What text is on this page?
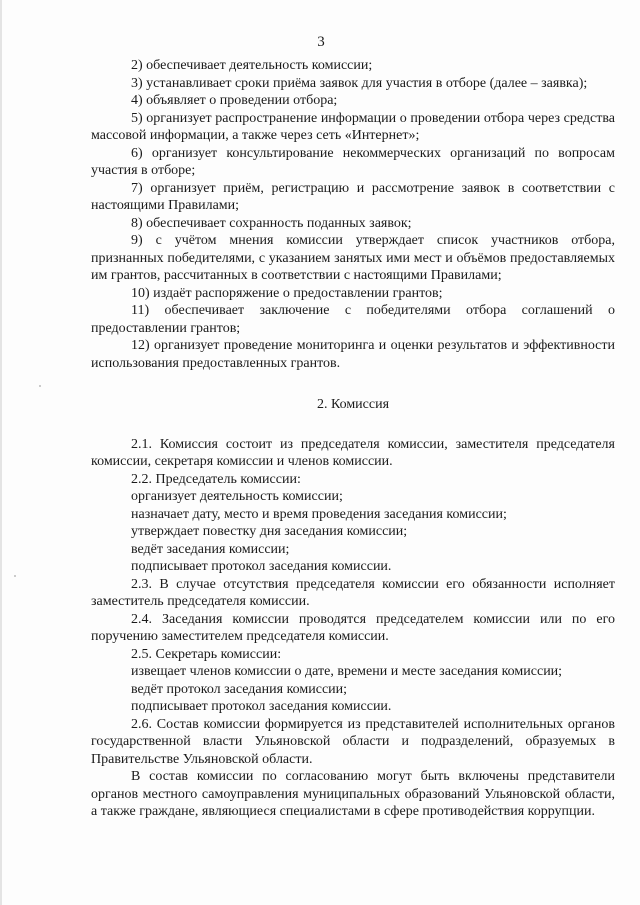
3

2) обеспечивает деятельность комиссии;

3) устанавливает сроки приёма заявок для участия в отборе (далее – заявка);

4) объявляет о проведении отбора;

5) организует распространение информации о проведении отбора через средства массовой информации, а также через сеть «Интернет»;

6) организует консультирование некоммерческих организаций по вопросам участия в отборе;

7) организует приём, регистрацию и рассмотрение заявок в соответствии с настоящими Правилами;

8) обеспечивает сохранность поданных заявок;

9) с учётом мнения комиссии утверждает список участников отбора, признанных победителями, с указанием занятых ими мест и объёмов предоставляемых им грантов, рассчитанных в соответствии с настоящими Правилами;

10) издаёт распоряжение о предоставлении грантов;

11) обеспечивает заключение с победителями отбора соглашений о предоставлении грантов;

12) организует проведение мониторинга и оценки результатов и эффективности использования предоставленных грантов.

2. Комиссия

2.1. Комиссия состоит из председателя комиссии, заместителя председателя комиссии, секретаря комиссии и членов комиссии.

2.2. Председатель комиссии:

организует деятельность комиссии;

назначает дату, место и время проведения заседания комиссии;

утверждает повестку дня заседания комиссии;

ведёт заседания комиссии;

подписывает протокол заседания комиссии.

2.3. В случае отсутствия председателя комиссии его обязанности исполняет заместитель председателя комиссии.

2.4. Заседания комиссии проводятся председателем комиссии или по его поручению заместителем председателя комиссии.

2.5. Секретарь комиссии:

извещает членов комиссии о дате, времени и месте заседания комиссии;

ведёт протокол заседания комиссии;

подписывает протокол заседания комиссии.

2.6. Состав комиссии формируется из представителей исполнительных органов государственной власти Ульяновской области и подразделений, образуемых в Правительстве Ульяновской области.

В состав комиссии по согласованию могут быть включены представители органов местного самоуправления муниципальных образований Ульяновской области, а также граждане, являющиеся специалистами в сфере противодействия коррупции.
